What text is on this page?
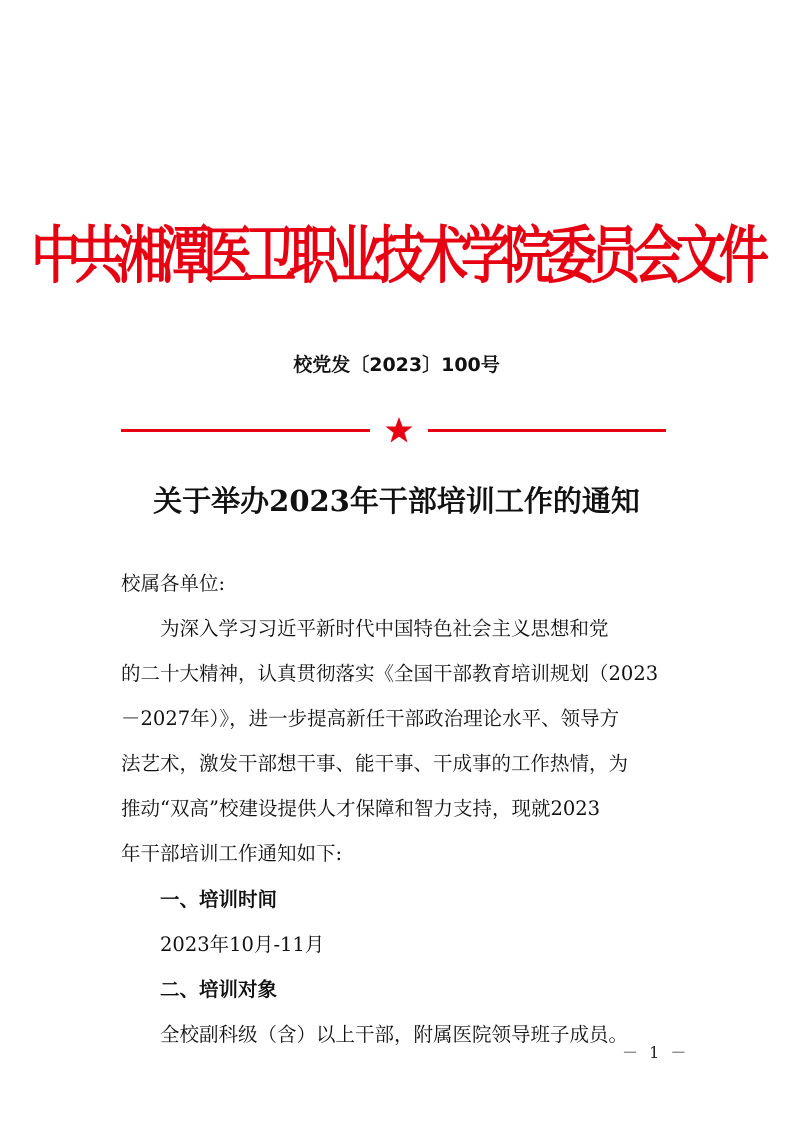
中共湘潭医卫职业技术学院委员会文件
校党发〔2023〕100号
关于举办2023年干部培训工作的通知
校属各单位:
为深入学习习近平新时代中国特色社会主义思想和党
的二十大精神，认真贯彻落实《全国干部教育培训规划（2023
－2027年）》，进一步提高新任干部政治理论水平、领导方
法艺术，激发干部想干事、能干事、干成事的工作热情，为
推动“双高”校建设提供人才保障和智力支持，现就2023
年干部培训工作通知如下:
一、培训时间
2023年10月-11月
二、培训对象
全校副科级（含）以上干部，附属医院领导班子成员。
－ 1 －
